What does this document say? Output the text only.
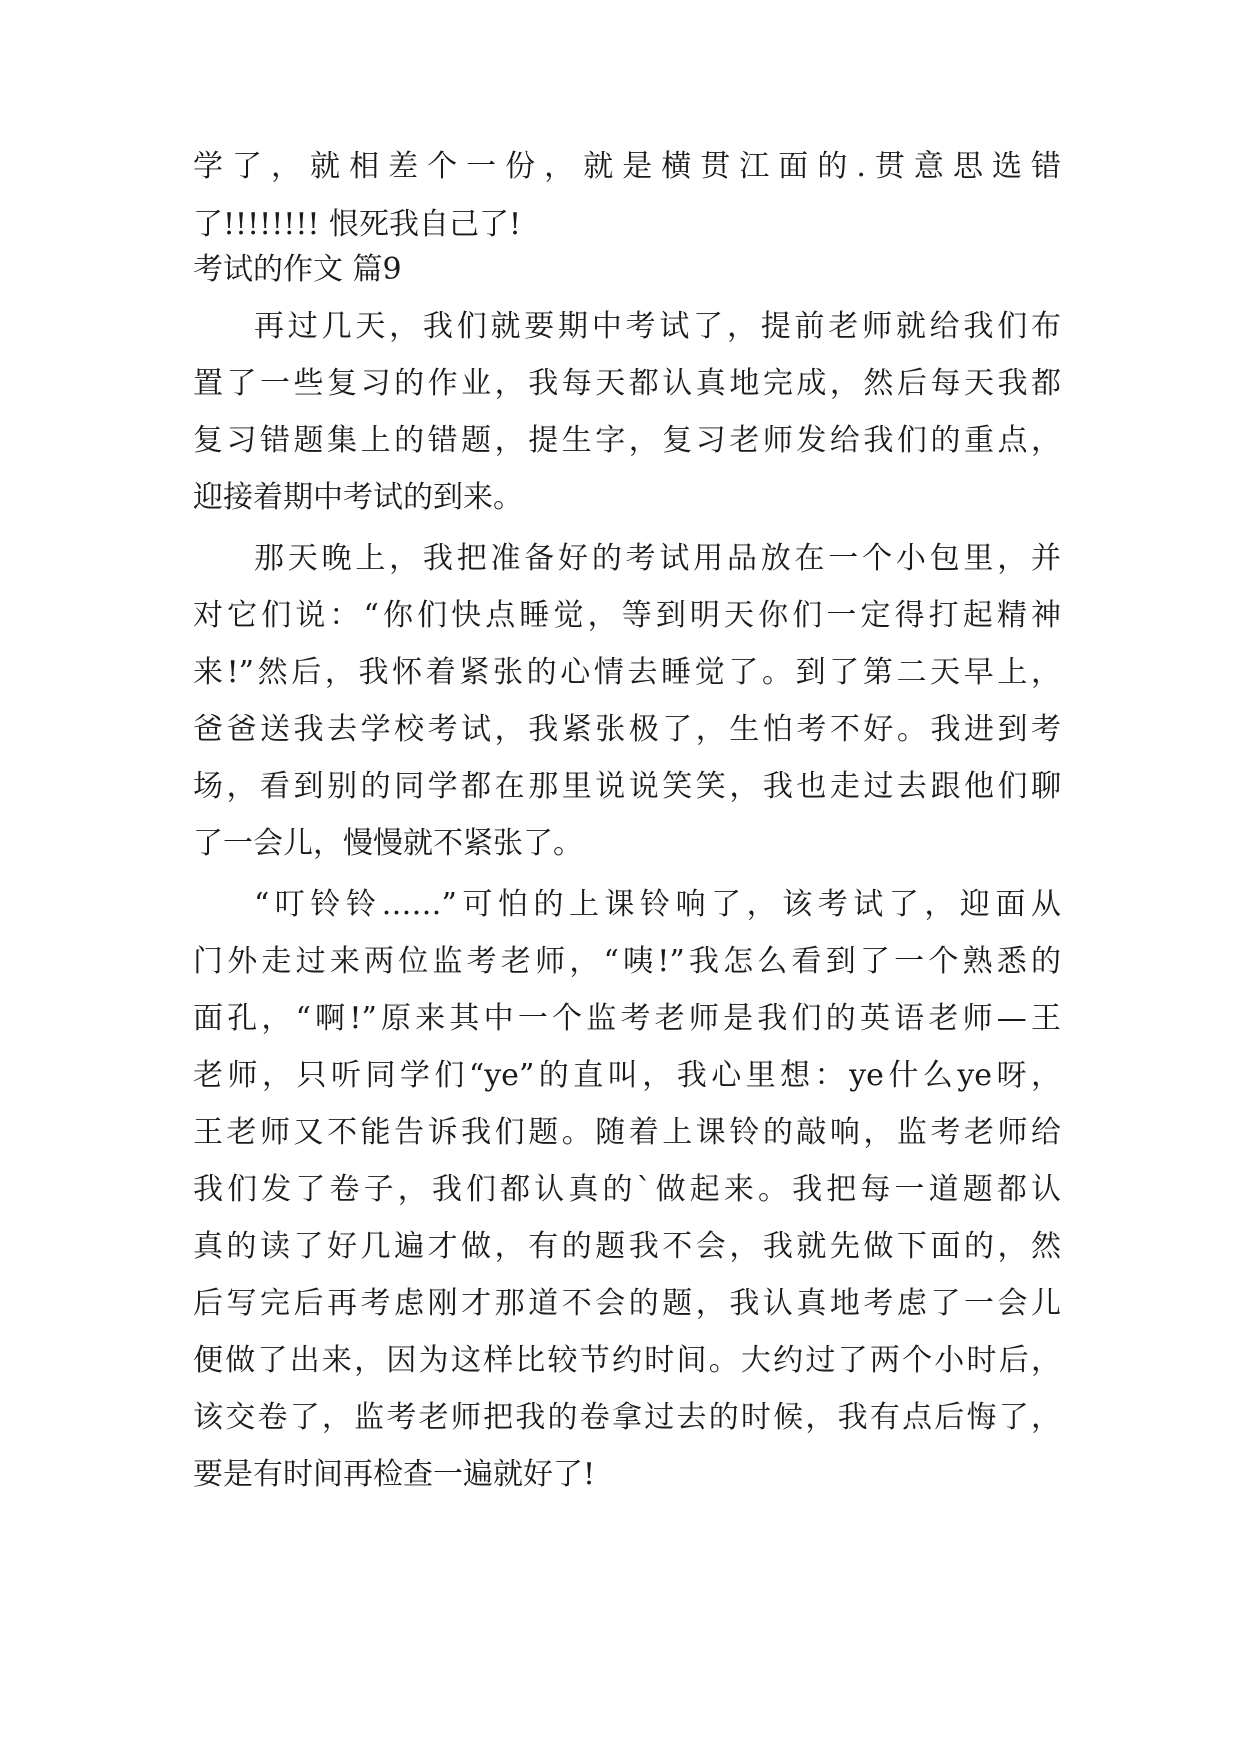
学了，就相差个一份，就是横贯江面的.贯意思选错
了!!!!!!!! 恨死我自己了!
考试的作文 篇9
再过几天，我们就要期中考试了，提前老师就给我们布
置了一些复习的作业，我每天都认真地完成，然后每天我都
复习错题集上的错题，提生字，复习老师发给我们的重点，
迎接着期中考试的到来。
那天晚上，我把准备好的考试用品放在一个小包里，并
对它们说：“你们快点睡觉，等到明天你们一定得打起精神
来!”然后，我怀着紧张的心情去睡觉了。到了第二天早上，
爸爸送我去学校考试，我紧张极了，生怕考不好。我进到考
场，看到别的同学都在那里说说笑笑，我也走过去跟他们聊
了一会儿，慢慢就不紧张了。
“叮铃铃……”可怕的上课铃响了，该考试了，迎面从
门外走过来两位监考老师，“咦!”我怎么看到了一个熟悉的
面孔，“啊!”原来其中一个监考老师是我们的英语老师—王
老师，只听同学们“ye”的直叫，我心里想：ye什么ye呀，
王老师又不能告诉我们题。随着上课铃的敲响，监考老师给
我们发了卷子，我们都认真的`做起来。我把每一道题都认
真的读了好几遍才做，有的题我不会，我就先做下面的，然
后写完后再考虑刚才那道不会的题，我认真地考虑了一会儿
便做了出来，因为这样比较节约时间。大约过了两个小时后，
该交卷了，监考老师把我的卷拿过去的时候，我有点后悔了，
要是有时间再检查一遍就好了!
